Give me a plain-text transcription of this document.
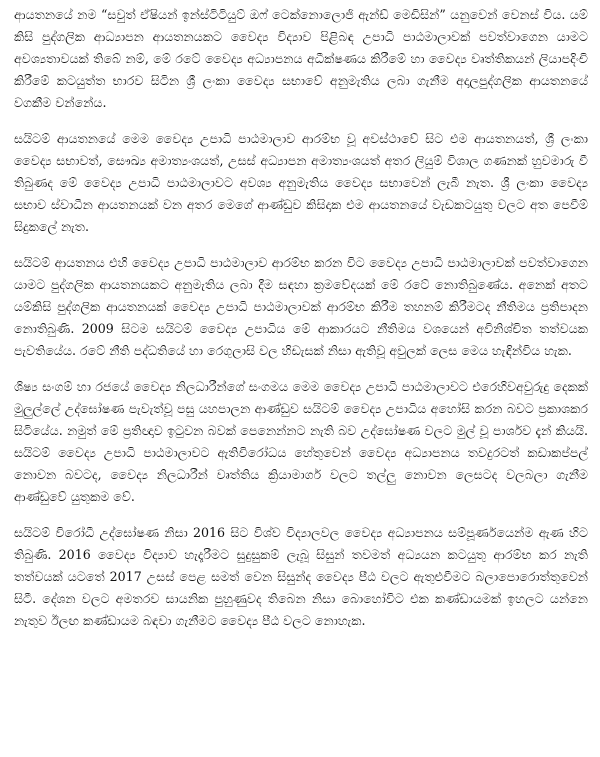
ආයතනයේ නම “සවුත් ඒෂියන් ඉන්ස්ටිටියුට් ඔෆ් ටෙක්නොලොජි ඇන්ඩ් මෙඩිසින්” යනුවෙන් වෙනස් විය. යම් කිසි පුද්ගලික ආධ්‍යාපන ආයතනයකට වෛද්‍ය විද්‍යාව පිළිබඳ උපාධි පාඨමාලාවක් පවත්වාගෙන යාමට අවශ්‍යතාවයක් තිබේ නම්, මේ රටේ වෛද්‍ය අධ්‍යාපනය අධීක්ෂණය කිරීමේ හා වෛද්‍ය වෘත්තිකයන් ලියාපදිංචි කිරීමේ කටයුත්ත භාරව සිටින ශ්‍රී ලංකා වෛද්‍ය සභාවේ අනුමැතිය ලබා ගැනීම අදාලපුද්ගලික ආයතනයේ වගකීම වන්නේය.

සයිටම් ආයතනයේ මෙම වෛද්‍ය උපාධි පාඨමාලාව ආරම්භ වූ අවස්ථාවේ සිට එම ආයතනයත්, ශ්‍රී ලංකා වෛද්‍ය සභාවත්, සෞඛ්‍ය අමාත්‍යංශයත්, උසස් අධ්‍යාපන අමාත්‍යංශයත් අතර ලියුම් විශාල ගණනක් හුවමාරු වී තිබුණද මේ වෛද්‍ය උපාධි පාඨමාලාවට අවශ්‍ය අනුමැතිය වෛද්‍ය සභාවෙන් ලැබී නැත. ශ්‍රී ලංකා වෛද්‍ය සභාව ස්වාධීන ආයතනයක් වන අතර මෙගේ ආණ්ඩුව කිසිදාක එම ආයතනයේ වැඩකටයුතු වලට අත පෙවීම් සිදුකලේ නැත.

සයිටම් ආයතනය එහි වෛද්‍ය උපාධි පාඨමාලාව ආරම්භ කරන විට වෛද්‍ය උපාධි පාඨමාලාවක් පවත්වාගෙන යාමට පුද්ගලික ආයතනයකට අනුමැතිය ලබා දීම සඳහා ක්‍රමවේදයක් මේ රටේ නොතිබුණේය. අනෙක් අතට යම්කිසි පුද්ගලික ආයතනයක් වෛද්‍ය උපාධි පාඨමාලාවක් ආරම්භ කිරීම තහනම් කිරීමටද නීතිමය ප්‍රතිපාදන නොතිබුණි. 2009 සිටම සයිටම් වෛද්‍ය උපාධිය මේ ආකාරයට නීතිමය වශයෙන් අවිනිශ්චිත තත්වයක පැවතියේය. රටේ නීති පද්ධතියේ හා රෙගුලාසි වල හිඩැසක් නිසා ඇතිවූ අවුලක් ලෙස මෙය හැඳින්විය හැක.

ශිෂ්‍ය සංගම් හා රජයේ වෛද්‍ය නිලධාරීන්ගේ සංගමය මෙම වෛද්‍ය උපාධි පාඨමාලාවට එරෙහිවඅවුරුදු දෙකක් මුලුල්ලේ උද්ඝෝෂණ පැවැත්වූ පසු යහපාලන ආණ්ඩුව සයිටම් වෛද්‍ය උපාධිය අහෝසි කරන බවට ප්‍රකාශකර සිටියේය. නමුත් මේ ප්‍රතිඥාව ඉටුවන බවක් පෙනෙන්නට නැති බව උද්ඝෝෂණ වලට මුල් වූ පාර්ශව දැන් කියයි. සයිටම් වෛද්‍ය උපාධි පාඨමාලාවට ඇතිවිරෝධය හේතුවෙන් වෛද්‍ය අධ්‍යාපනය තවදුරටත් කඩාකප්පල් නොවන බවටද, වෛද්‍ය නිලධාරීන් වෘත්තිය ක්‍රියාමාර්ග වලට තල්ලු නොවන ලෙසටද වලබලා ගැනීම ආණ්ඩුවේ යුතුකම වේ.

සයිටම් විරෝධී උද්ඝෝෂණ නිසා 2016 සිට විශ්ව විද්‍යාලවල වෛද්‍ය අධ්‍යාපනය සම්පූර්ණයෙන්ම ඇණ හිට තිබුණි. 2016 වෛද්‍ය විද්‍යාව හැදෑරීමට සුදුසුකම් ලැබූ සිසුන් තවමත් අධ්‍යයන කටයුතු ආරම්භ කර නැති තත්වයක් යටතේ 2017 උසස් පෙළ සමත් වෙන සිසුන්ද වෛද්‍ය පීඨ වලට ඇතුළුවීමට බලාපොරොත්තුවෙන් සිටී. දේශන වලට අමතරව සායනික පුහුණුවද තිබෙන නිසා බොහෝවිට එක කණ්ඩායමක් ඉහලට යන්නෙ නැතුව ඊලඟ කණ්ඩායම බඳවා ගැනීමට වෛද්‍ය පීඨ වලට නොහැක.
